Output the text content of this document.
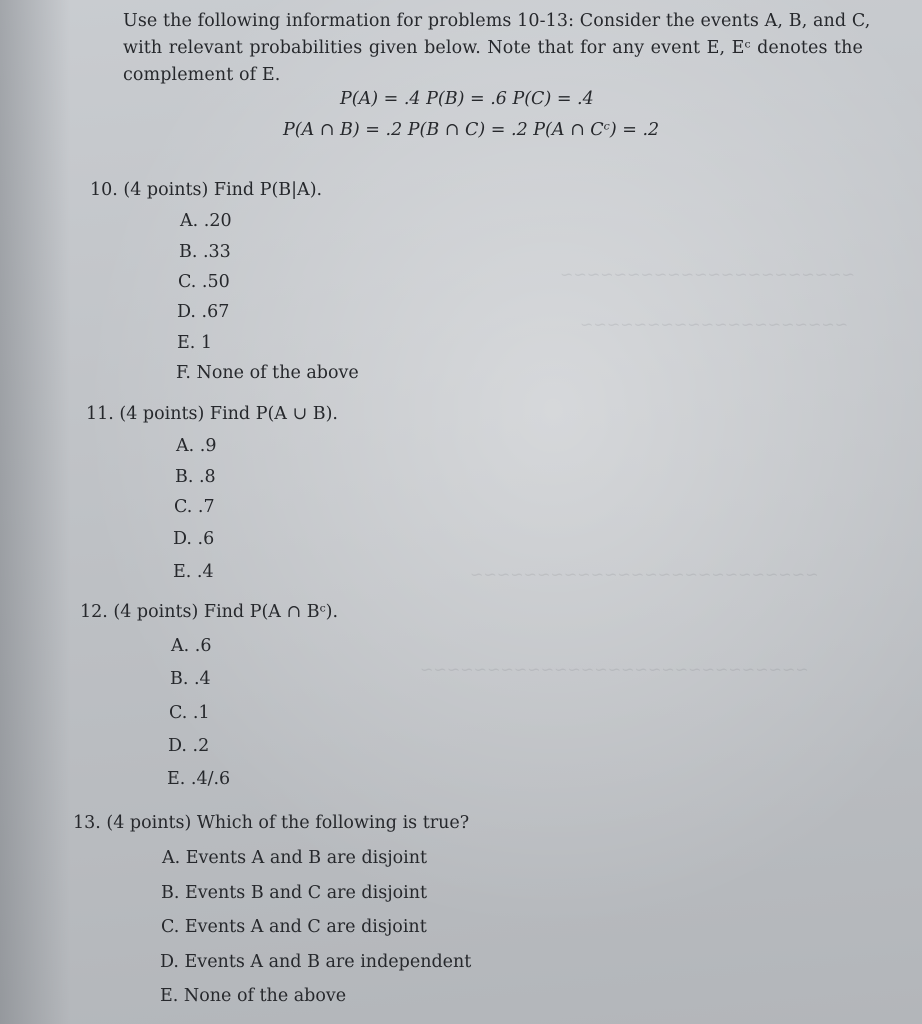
~~~~~~~~~~~~~~~~~~~~~~
~~~~~~~~~~~~~~~~~~~~
~~~~~~~~~~~~~~~~~~~~~~~~~~
~~~~~~~~~~~~~~~~~~~~~~~~~~~~~
Use the following information for problems 10-13: Consider the events A, B, and C,
with relevant probabilities given below. Note that for any event E, Eᶜ denotes the
complement of E.
P(A) = .4 P(B) = .6 P(C) = .4
P(A ∩ B) = .2 P(B ∩ C) = .2 P(A ∩ Cᶜ) = .2
10. (4 points) Find P(B|A).
A. .20
B. .33
C. .50
D. .67
E. 1
F. None of the above
11. (4 points) Find P(A ∪ B).
A. .9
B. .8
C. .7
D. .6
E. .4
12. (4 points) Find P(A ∩ Bᶜ).
A. .6
B. .4
C. .1
D. .2
E. .4/.6
13. (4 points) Which of the following is true?
A. Events A and B are disjoint
B. Events B and C are disjoint
C. Events A and C are disjoint
D. Events A and B are independent
E. None of the above
